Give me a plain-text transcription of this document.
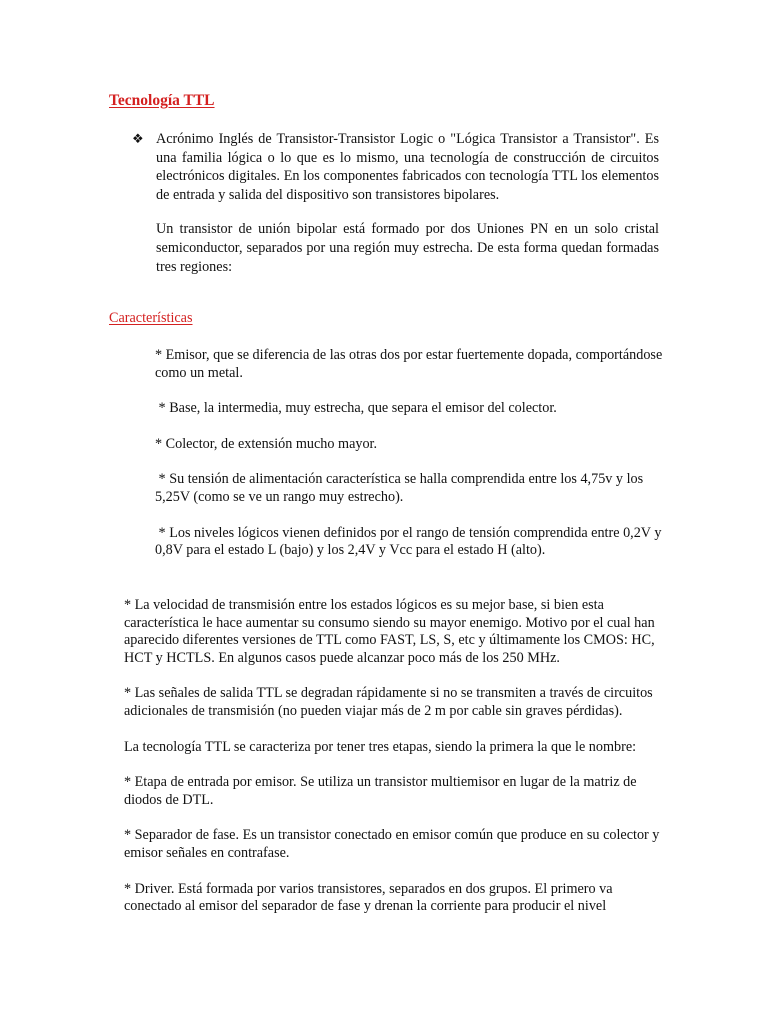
Tecnología TTL
❖ Acrónimo Inglés de Transistor-Transistor Logic o "Lógica Transistor a Transistor". Es una familia lógica o lo que es lo mismo, una tecnología de construcción de circuitos electrónicos digitales. En los componentes fabricados con tecnología TTL los elementos de entrada y salida del dispositivo son transistores bipolares.

Un transistor de unión bipolar está formado por dos Uniones PN en un solo cristal semiconductor, separados por una región muy estrecha. De esta forma quedan formadas tres regiones:

Características

* Emisor, que se diferencia de las otras dos por estar fuertemente dopada, comportándose como un metal.

* Base, la intermedia, muy estrecha, que separa el emisor del colector.

* Colector, de extensión mucho mayor.

* Su tensión de alimentación característica se halla comprendida entre los 4,75v y los 5,25V (como se ve un rango muy estrecho).

* Los niveles lógicos vienen definidos por el rango de tensión comprendida entre 0,2V y 0,8V para el estado L (bajo) y los 2,4V y Vcc para el estado H (alto).

* La velocidad de transmisión entre los estados lógicos es su mejor base, si bien esta característica le hace aumentar su consumo siendo su mayor enemigo. Motivo por el cual han aparecido diferentes versiones de TTL como FAST, LS, S, etc y últimamente los CMOS: HC, HCT y HCTLS. En algunos casos puede alcanzar poco más de los 250 MHz.

* Las señales de salida TTL se degradan rápidamente si no se transmiten a través de circuitos adicionales de transmisión (no pueden viajar más de 2 m por cable sin graves pérdidas).

La tecnología TTL se caracteriza por tener tres etapas, siendo la primera la que le nombre:

* Etapa de entrada por emisor. Se utiliza un transistor multiemisor en lugar de la matriz de diodos de DTL.

* Separador de fase. Es un transistor conectado en emisor común que produce en su colector y emisor señales en contrafase.

* Driver. Está formada por varios transistores, separados en dos grupos. El primero va conectado al emisor del separador de fase y drenan la corriente para producir el nivel
